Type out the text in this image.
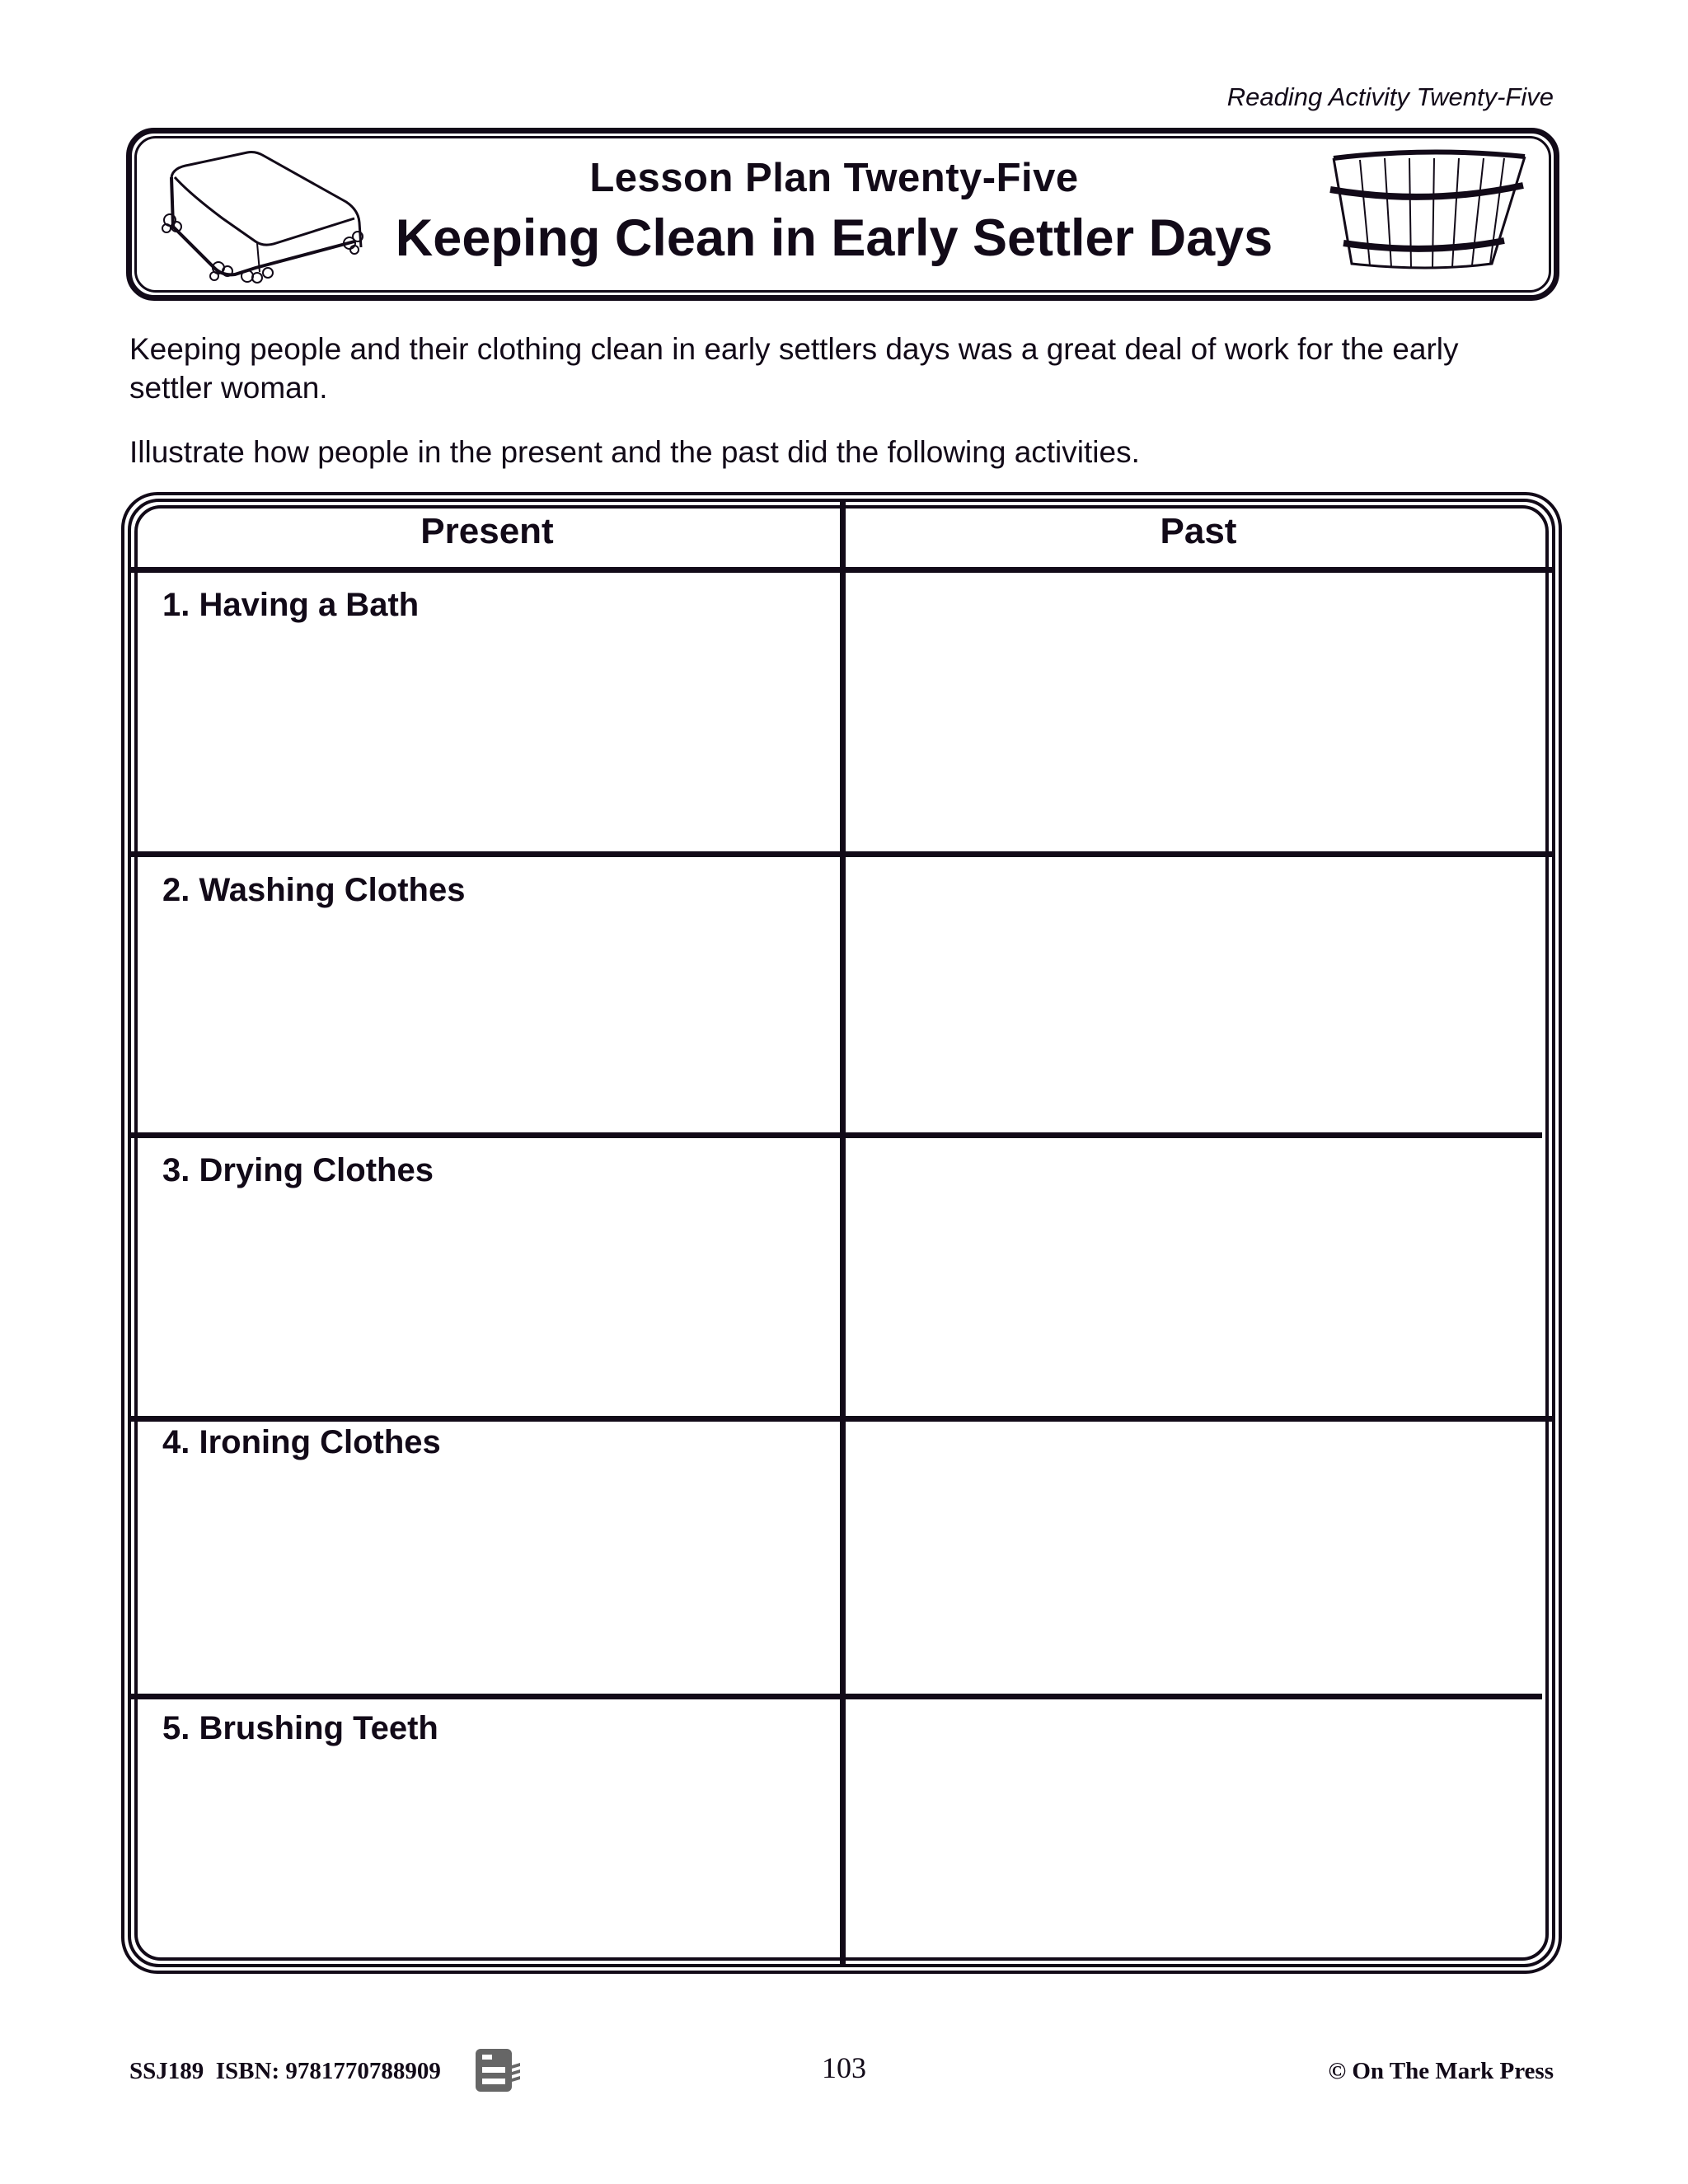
Reading Activity Twenty-Five
Lesson Plan Twenty-Five
Keeping Clean in Early Settler Days
Keeping people and their clothing clean in early settlers days was a great deal of work for the early settler woman.
Illustrate how people in the present and the past did the following activities.
Present	Past
1. Having a Bath
2. Washing Clothes
3. Drying Clothes
4. Ironing Clothes
5. Brushing Teeth
SSJ189  ISBN: 9781770788909	103	© On The Mark Press
